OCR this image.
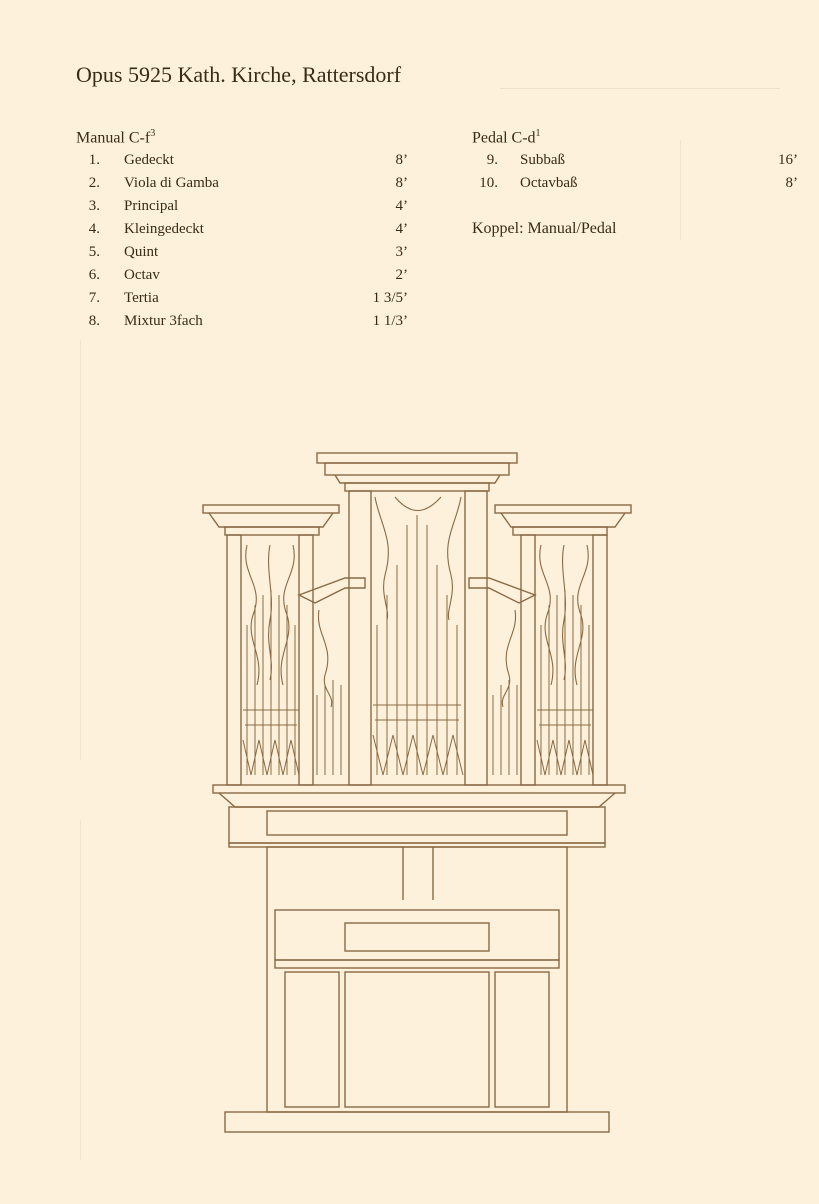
Opus 5925 Kath. Kirche, Rattersdorf
Manual $C-f^3$
1. Gedeckt	8’
2. Viola di Gamba	8’
3. Principal	4’
4. Kleingedeckt	4’
5. Quint	3’
6. Octav	2’
7. Tertia	1 3/5’
8. Mixtur 3fach	1 1/3’
Pedal $C-d^1$
9. Subbaß	16’
10. Octavbaß	8’
Koppel: Manual/Pedal
